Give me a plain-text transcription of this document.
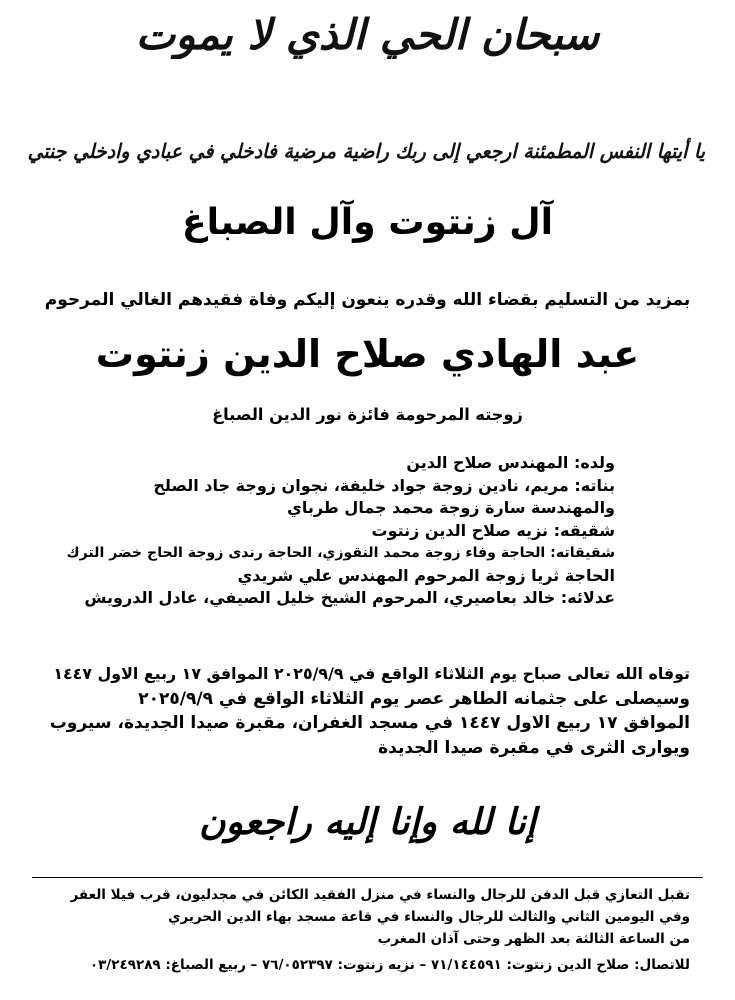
سبحان الحي الذي لا يموت
يا أيتها النفس المطمئنة ارجعي إلى ربك راضية مرضية فادخلي في عبادي وادخلي جنتي
آل زنتوت وآل الصباغ
بمزيد من التسليم بقضاء الله وقدره ينعون إليكم وفاة فقيدهم الغالي المرحوم
عبد الهادي صلاح الدين زنتوت
زوجته المرحومة فائزة نور الدين الصباغ
ولده: المهندس صلاح الدين
بناته: مريم، نادين زوجة جواد خليفة، نجوان زوجة جاد الصلح
والمهندسة سارة زوجة محمد جمال طرباي
شقيقه: نزيه صلاح الدين زنتوت
شقيقاته: الحاجة وفاء زوجة محمد النقوزي، الحاجة رندى زوجة الحاج خضر الترك
الحاجة ثريا زوجة المرحوم المهندس علي شريدي
عدلائه: خالد بعاصيري، المرحوم الشيخ خليل الصيفي، عادل الدرويش
توفاه الله تعالى صباح يوم الثلاثاء الواقع في ٢٠٢٥/٩/٩ الموافق ١٧ ربيع الاول ١٤٤٧
وسيصلى على جثمانه الطاهر عصر يوم الثلاثاء الواقع في ٢٠٢٥/٩/٩
الموافق ١٧ ربيع الاول ١٤٤٧ في مسجد الغفران، مقبرة صيدا الجديدة، سيروب
ويوارى الثرى في مقبرة صيدا الجديدة
إنا لله وإنا إليه راجعون
تقبل التعازي قبل الدفن للرجال والنساء في منزل الفقيد الكائن في مجدليون، قرب فيلا العقر
وفي اليومين الثاني والثالث للرجال والنساء في قاعة مسجد بهاء الدين الحريري
من الساعة الثالثة بعد الظهر وحتى آذان المغرب
للاتصال: صلاح الدين زنتوت: ٧١/١٤٤٥٩١ – نزيه زنتوت: ٧٦/٠٥٢٣٩٧ – ربيع الصباغ: ٠٣/٢٤٩٢٨٩
